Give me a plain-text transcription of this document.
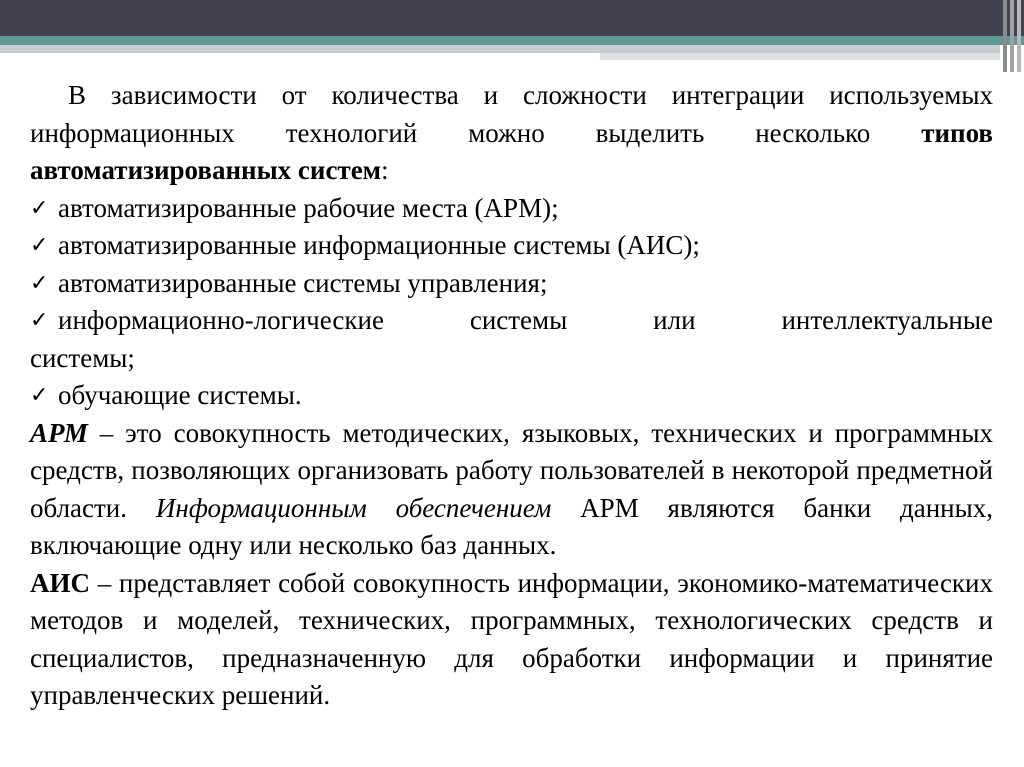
В зависимости от количества и сложности интеграции используемых информационных технологий можно выделить несколько типов автоматизированных систем:

✓ автоматизированные рабочие места (АРМ);
✓ автоматизированные информационные системы (АИС);
✓ автоматизированные системы управления;
✓ информационно-логические системы или интеллектуальные

системы;

✓ обучающие системы.

АРМ – это совокупность методических, языковых, технических и программных средств, позволяющих организовать работу пользователей в некоторой предметной области. Информационным обеспечением АРМ являются банки данных, включающие одну или несколько баз данных.

АИС – представляет собой совокупность информации, экономико-математических методов и моделей, технических, программных, технологических средств и специалистов, предназначенную для обработки информации и принятие управленческих решений.
